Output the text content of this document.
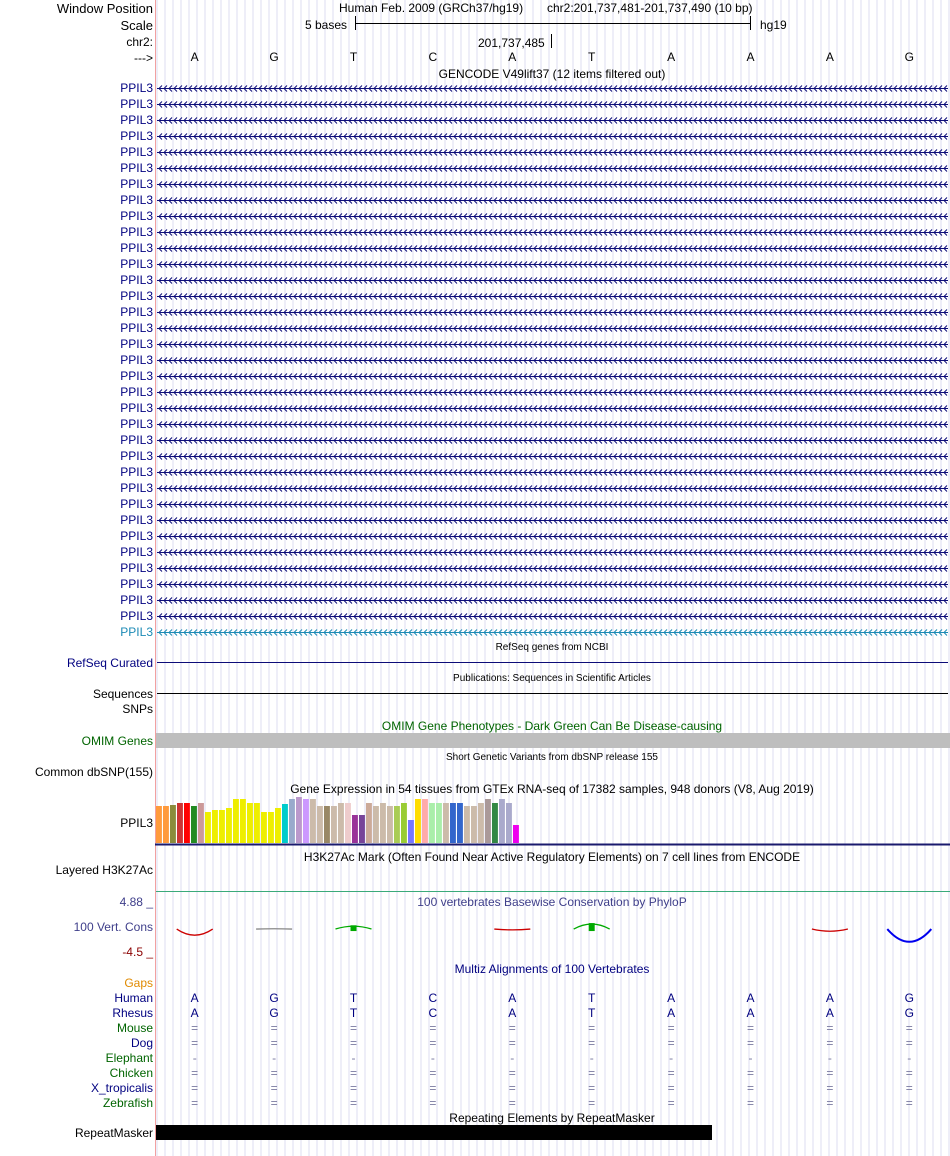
Window Position	Human Feb. 2009 (GRCh37/hg19) chr2:201,737,481-201,737,490 (10 bp)
Scale	5 bases	hg19
chr2:	201,737,485
--->	A	G	T	C	A	T	A	A	A	G
GENCODE V49lift37 (12 items filtered out)
PPIL3
PPIL3
PPIL3
PPIL3
PPIL3
PPIL3
PPIL3
PPIL3
PPIL3
PPIL3
PPIL3
PPIL3
PPIL3
PPIL3
PPIL3
PPIL3
PPIL3
PPIL3
PPIL3
PPIL3
PPIL3
PPIL3
PPIL3
PPIL3
PPIL3
PPIL3
PPIL3
PPIL3
PPIL3
PPIL3
PPIL3
PPIL3
PPIL3
PPIL3
PPIL3
RefSeq genes from NCBI
RefSeq Curated
Publications: Sequences in Scientific Articles
Sequences
SNPs
OMIM Gene Phenotypes - Dark Green Can Be Disease-causing
OMIM Genes
Short Genetic Variants from dbSNP release 155
Common dbSNP(155)
Gene Expression in 54 tissues from GTEx RNA-seq of 17382 samples, 948 donors (V8, Aug 2019)
PPIL3
H3K27Ac Mark (Often Found Near Active Regulatory Elements) on 7 cell lines from ENCODE
Layered H3K27Ac
100 vertebrates Basewise Conservation by PhyloP
4.88 _
100 Vert. Cons
-4.5 _
Multiz Alignments of 100 Vertebrates
Gaps
Human	A	G	T	C	A	T	A	A	A	G
Rhesus	A	G	T	C	A	T	A	A	A	G
Mouse	=	=	=	=	=	=	=	=	=	=
Dog	=	=	=	=	=	=	=	=	=	=
Elephant	-	-	-	-	-	-	-	-	-	-
Chicken	=	=	=	=	=	=	=	=	=	=
X_tropicalis	=	=	=	=	=	=	=	=	=	=
Zebrafish	=	=	=	=	=	=	=	=	=	=
Repeating Elements by RepeatMasker
RepeatMasker
